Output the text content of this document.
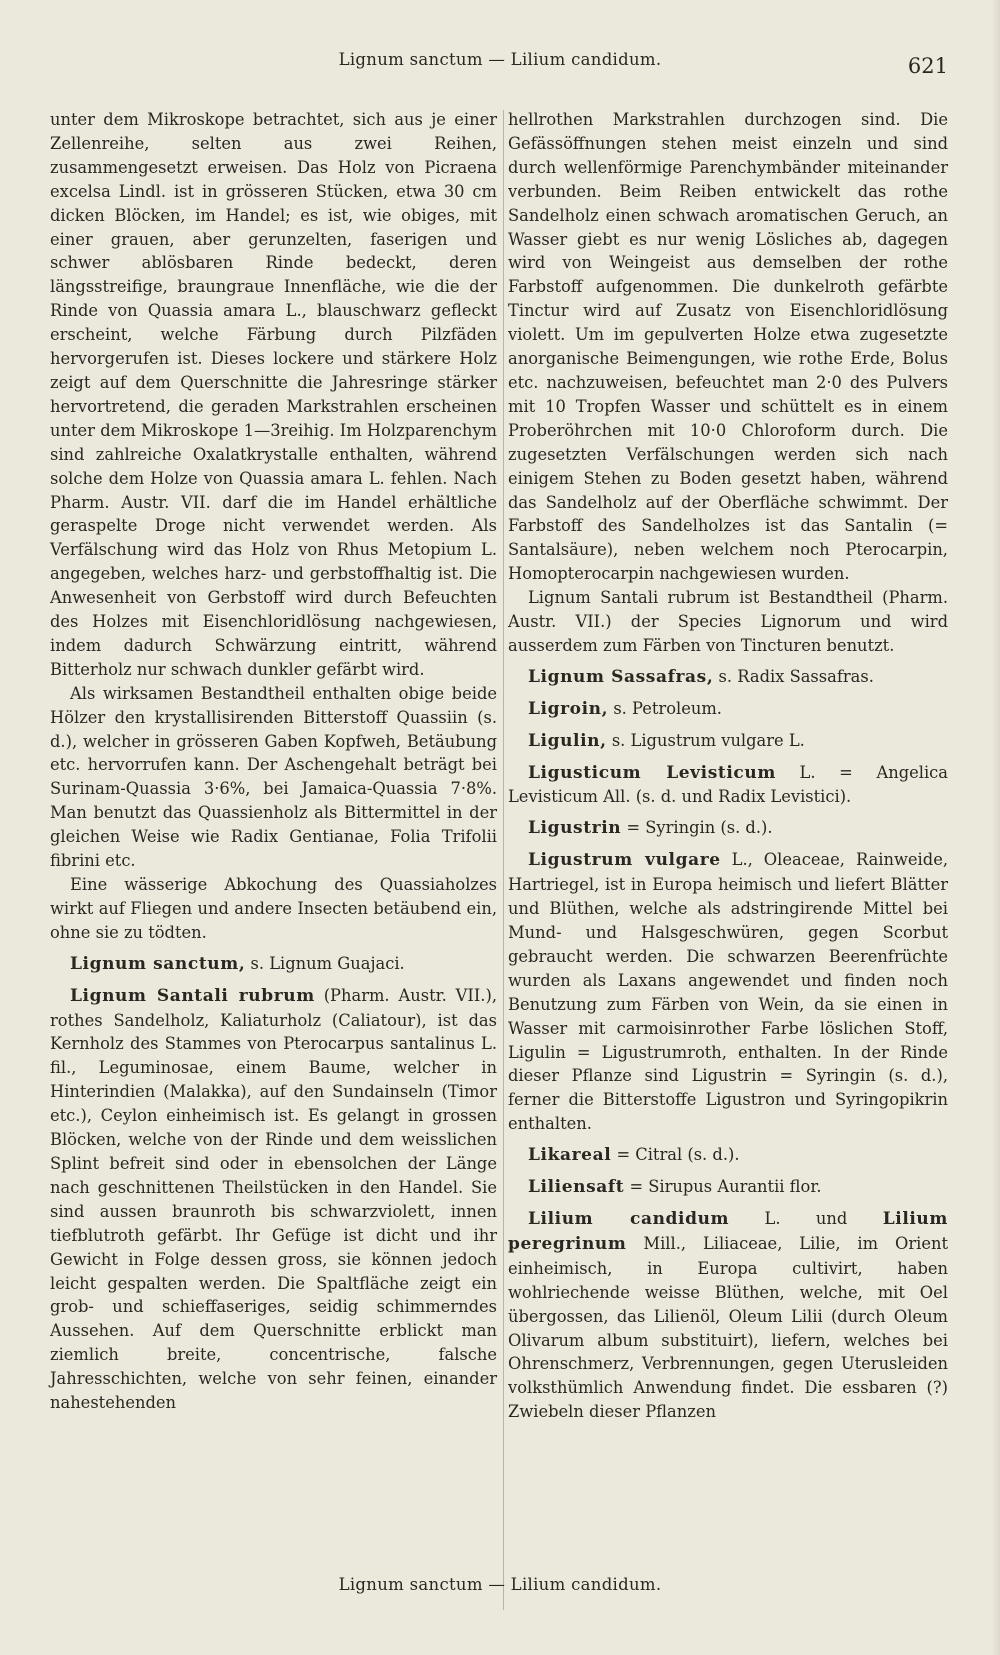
Lignum sanctum — Lilium candidum.	621

unter dem Mikroskope betrachtet, sich aus je einer Zellenreihe, selten aus zwei Reihen, zusammengesetzt erweisen. Das Holz von Picraena excelsa Lindl. ist in grösseren Stücken, etwa 30 cm dicken Blöcken, im Handel; es ist, wie obiges, mit einer grauen, aber gerunzelten, faserigen und schwer ablösbaren Rinde bedeckt, deren längsstreifige, braungraue Innenfläche, wie die der Rinde von Quassia amara L., blauschwarz gefleckt erscheint, welche Färbung durch Pilzfäden hervorgerufen ist. Dieses lockere und stärkere Holz zeigt auf dem Querschnitte die Jahresringe stärker hervortretend, die geraden Markstrahlen erscheinen unter dem Mikroskope 1—3reihig. Im Holzparenchym sind zahlreiche Oxalatkrystalle enthalten, während solche dem Holze von Quassia amara L. fehlen. Nach Pharm. Austr. VII. darf die im Handel erhältliche geraspelte Droge nicht verwendet werden. Als Verfälschung wird das Holz von Rhus Metopium L. angegeben, welches harz- und gerbstoffhaltig ist. Die Anwesenheit von Gerbstoff wird durch Befeuchten des Holzes mit Eisenchloridlösung nachgewiesen, indem dadurch Schwärzung eintritt, während Bitterholz nur schwach dunkler gefärbt wird.

Als wirksamen Bestandtheil enthalten obige beide Hölzer den krystallisirenden Bitterstoff Quassiin (s. d.), welcher in grösseren Gaben Kopfweh, Betäubung etc. hervorrufen kann. Der Aschengehalt beträgt bei Surinam-Quassia 3·6%, bei Jamaica-Quassia 7·8%. Man benutzt das Quassienholz als Bittermittel in der gleichen Weise wie Radix Gentianae, Folia Trifolii fibrini etc.

Eine wässerige Abkochung des Quassiaholzes wirkt auf Fliegen und andere Insecten betäubend ein, ohne sie zu tödten.

Lignum sanctum, s. Lignum Guajaci.

Lignum Santali rubrum (Pharm. Austr. VII.), rothes Sandelholz, Kaliaturholz (Caliatour), ist das Kernholz des Stammes von Pterocarpus santalinus L. fil., Leguminosae, einem Baume, welcher in Hinterindien (Malakka), auf den Sundainseln (Timor etc.), Ceylon einheimisch ist. Es gelangt in grossen Blöcken, welche von der Rinde und dem weisslichen Splint befreit sind oder in ebensolchen der Länge nach geschnittenen Theilstücken in den Handel. Sie sind aussen braunroth bis schwarzviolett, innen tiefblutroth gefärbt. Ihr Gefüge ist dicht und ihr Gewicht in Folge dessen gross, sie können jedoch leicht gespalten werden. Die Spaltfläche zeigt ein grob- und schieffaseriges, seidig schimmerndes Aussehen. Auf dem Querschnitte erblickt man ziemlich breite, concentrische, falsche Jahresschichten, welche von sehr feinen, einander nahestehenden

hellrothen Markstrahlen durchzogen sind. Die Gefässöffnungen stehen meist einzeln und sind durch wellenförmige Parenchymbänder miteinander verbunden. Beim Reiben entwickelt das rothe Sandelholz einen schwach aromatischen Geruch, an Wasser giebt es nur wenig Lösliches ab, dagegen wird von Weingeist aus demselben der rothe Farbstoff aufgenommen. Die dunkelroth gefärbte Tinctur wird auf Zusatz von Eisenchloridlösung violett. Um im gepulverten Holze etwa zugesetzte anorganische Beimengungen, wie rothe Erde, Bolus etc. nachzuweisen, befeuchtet man 2·0 des Pulvers mit 10 Tropfen Wasser und schüttelt es in einem Proberöhrchen mit 10·0 Chloroform durch. Die zugesetzten Verfälschungen werden sich nach einigem Stehen zu Boden gesetzt haben, während das Sandelholz auf der Oberfläche schwimmt. Der Farbstoff des Sandelholzes ist das Santalin (= Santalsäure), neben welchem noch Pterocarpin, Homopterocarpin nachgewiesen wurden.

Lignum Santali rubrum ist Bestandtheil (Pharm. Austr. VII.) der Species Lignorum und wird ausserdem zum Färben von Tincturen benutzt.

Lignum Sassafras, s. Radix Sassafras.

Ligroin, s. Petroleum.

Ligulin, s. Ligustrum vulgare L.

Ligusticum Levisticum L. = Angelica Levisticum All. (s. d. und Radix Levistici).

Ligustrin = Syringin (s. d.).

Ligustrum vulgare L., Oleaceae, Rainweide, Hartriegel, ist in Europa heimisch und liefert Blätter und Blüthen, welche als adstringirende Mittel bei Mund- und Halsgeschwüren, gegen Scorbut gebraucht werden. Die schwarzen Beerenfrüchte wurden als Laxans angewendet und finden noch Benutzung zum Färben von Wein, da sie einen in Wasser mit carmoisinrother Farbe löslichen Stoff, Ligulin = Ligustrumroth, enthalten. In der Rinde dieser Pflanze sind Ligustrin = Syringin (s. d.), ferner die Bitterstoffe Ligustron und Syringopikrin enthalten.

Likareal = Citral (s. d.).

Liliensaft = Sirupus Aurantii flor.

Lilium candidum L. und Lilium peregrinum Mill., Liliaceae, Lilie, im Orient einheimisch, in Europa cultivirt, haben wohlriechende weisse Blüthen, welche, mit Oel übergossen, das Lilienöl, Oleum Lilii (durch Oleum Olivarum album substituirt), liefern, welches bei Ohrenschmerz, Verbrennungen, gegen Uterusleiden volksthümlich Anwendung findet. Die essbaren (?) Zwiebeln dieser Pflanzen

Lignum sanctum — Lilium candidum.
